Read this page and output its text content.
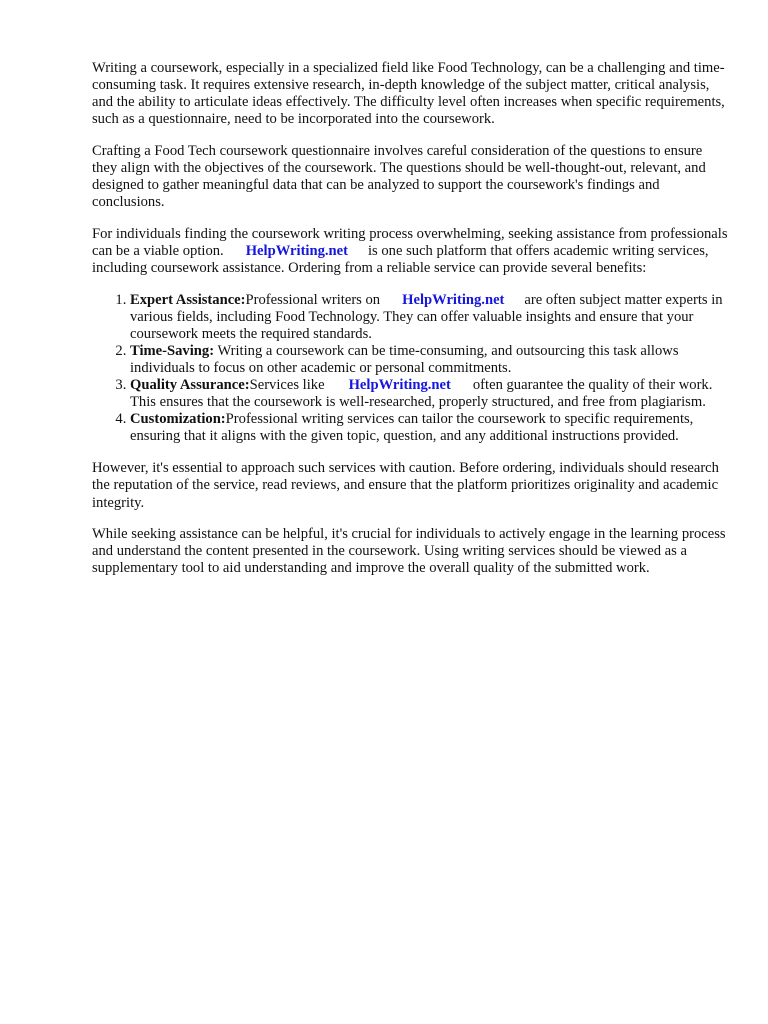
Writing a coursework, especially in a specialized field like Food Technology, can be a challenging and time-consuming task. It requires extensive research, in-depth knowledge of the subject matter, critical analysis, and the ability to articulate ideas effectively. The difficulty level often increases when specific requirements, such as a questionnaire, need to be incorporated into the coursework.

Crafting a Food Tech coursework questionnaire involves careful consideration of the questions to ensure they align with the objectives of the coursework. The questions should be well-thought-out, relevant, and designed to gather meaningful data that can be analyzed to support the coursework's findings and conclusions.

For individuals finding the coursework writing process overwhelming, seeking assistance from professionals can be a viable option. HelpWriting.net is one such platform that offers academic writing services, including coursework assistance. Ordering from a reliable service can provide several benefits:

1. Expert Assistance:Professional writers on HelpWriting.net are often subject matter experts in various fields, including Food Technology. They can offer valuable insights and ensure that your coursework meets the required standards.
2. Time-Saving: Writing a coursework can be time-consuming, and outsourcing this task allows individuals to focus on other academic or personal commitments.
3. Quality Assurance:Services like HelpWriting.net often guarantee the quality of their work. This ensures that the coursework is well-researched, properly structured, and free from plagiarism.
4. Customization:Professional writing services can tailor the coursework to specific requirements, ensuring that it aligns with the given topic, question, and any additional instructions provided.

However, it's essential to approach such services with caution. Before ordering, individuals should research the reputation of the service, read reviews, and ensure that the platform prioritizes originality and academic integrity.

While seeking assistance can be helpful, it's crucial for individuals to actively engage in the learning process and understand the content presented in the coursework. Using writing services should be viewed as a supplementary tool to aid understanding and improve the overall quality of the submitted work.
